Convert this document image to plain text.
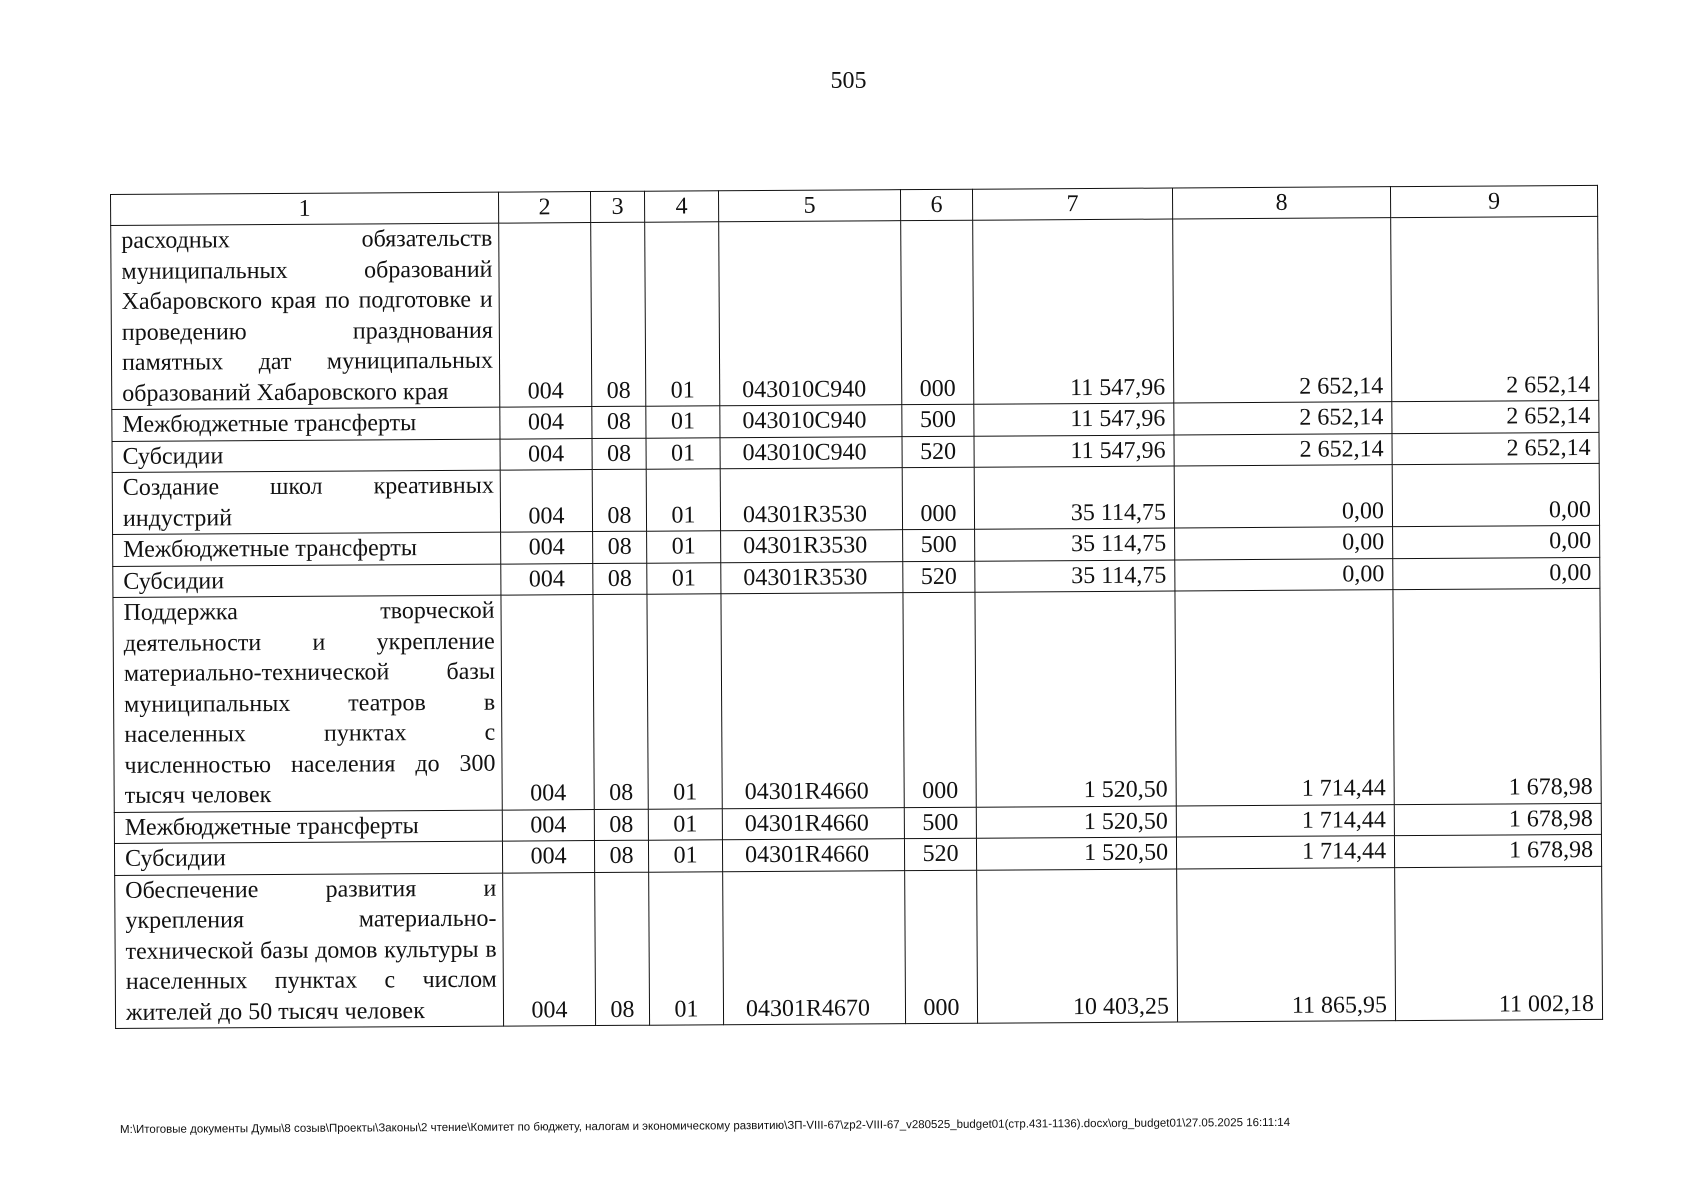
505
1	2	3	4	5	6	7	8	9
расходных обязательств муниципальных образований Хабаровского края по подготовке и проведению празднования памятных дат муниципальных образований Хабаровского края	004	08	01	043010C940	000	11 547,96	2 652,14	2 652,14
Межбюджетные трансферты	004	08	01	043010C940	500	11 547,96	2 652,14	2 652,14
Субсидии	004	08	01	043010C940	520	11 547,96	2 652,14	2 652,14
Создание школ креативных индустрий	004	08	01	04301R3530	000	35 114,75	0,00	0,00
Межбюджетные трансферты	004	08	01	04301R3530	500	35 114,75	0,00	0,00
Субсидии	004	08	01	04301R3530	520	35 114,75	0,00	0,00
Поддержка творческой деятельности и укрепление материально-технической базы муниципальных театров в населенных пунктах с численностью населения до 300 тысяч человек	004	08	01	04301R4660	000	1 520,50	1 714,44	1 678,98
Межбюджетные трансферты	004	08	01	04301R4660	500	1 520,50	1 714,44	1 678,98
Субсидии	004	08	01	04301R4660	520	1 520,50	1 714,44	1 678,98
Обеспечение развития и укрепления материально-технической базы домов культуры в населенных пунктах с числом жителей до 50 тысяч человек	004	08	01	04301R4670	000	10 403,25	11 865,95	11 002,18
M:\Итоговые документы Думы\8 созыв\Проекты\Законы\2 чтение\Комитет по бюджету, налогам и экономическому развитию\ЗП-VIII-67\zp2-VIII-67_v280525_budget01(стр.431-1136).docx\org_budget01\27.05.2025 16:11:14
